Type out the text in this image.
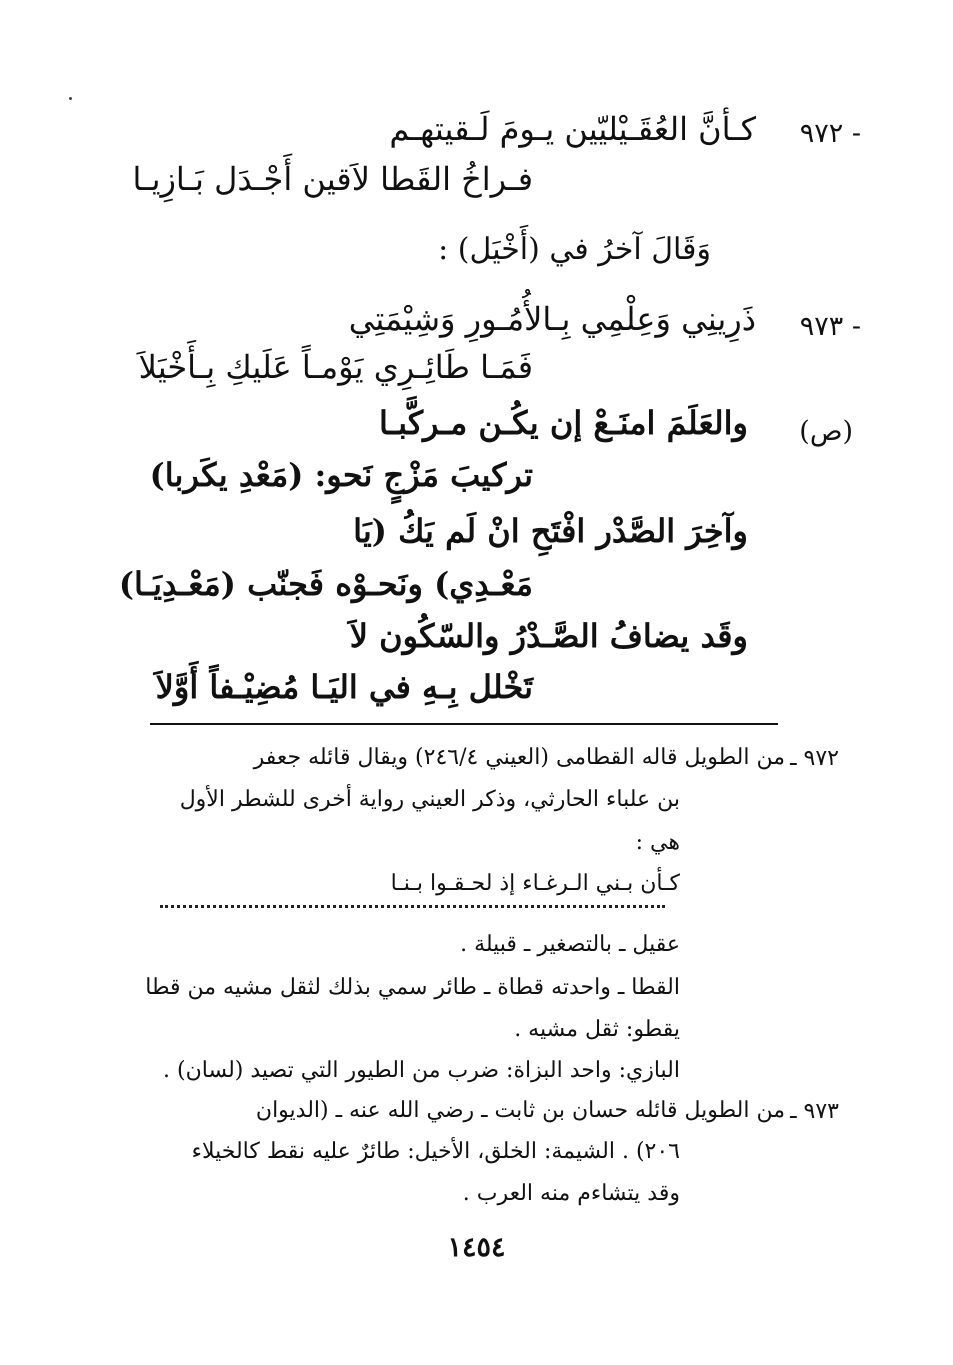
- ٩٧٢
كـأنَّ العُقَـيْليّين يـومَ لَـقيتهـم
فـراخُ القَطا لاَقين أَجْـدَل بَـازِيـا
وَقَالَ آخرُ في (أَخْيَل) :
- ٩٧٣
ذَرِينِي وَعِلْمِي بِـالأُمُـورِ وَشِيْمَتِي
فَمَـا طَائِـرِي يَوْمـاً عَلَيكِ بِـأَخْيَلاَ
(ص)
والعَلَمَ امنَـعْ إن يكُـن مـركَّبـا
تركيبَ مَزْجٍ نَحو: (مَعْدِ يكَربا)
وآخِرَ الصَّدْر افْتَحِ انْ لَم يَكُ (يَا
مَعْـدِي) ونَحـوْه فَجنّب (مَعْـدِيَـا)
وقَد يضافُ الصَّـدْرُ والسّكُون لاَ
تَخْلل بِـهِ في اليَـا مُضِيْـفاً أَوَّلاَ
٩٧٢ ـ
من الطويل قاله القطامى (العيني ٢٤٦/٤) ويقال قائله جعفر
بن علباء الحارثي، وذكر العيني رواية أخرى للشطر الأول
هي :
كـأن بـني الـرغـاء إذ لحـقـوا بـنـا
عقيل ـ بالتصغير ـ قبيلة .
القطا ـ واحدته قطاة ـ طائر سمي بذلك لثقل مشيه من قطا
يقطو: ثقل مشيه .
البازي: واحد البزاة: ضرب من الطيور التي تصيد (لسان) .
٩٧٣ ـ
من الطويل قائله حسان بن ثابت ـ رضي الله عنه ـ (الديوان
٢٠٦) . الشيمة: الخلق، الأخيل: طائرٌ عليه نقط كالخيلاء
وقد يتشاءم منه العرب .
١٤٥٤
